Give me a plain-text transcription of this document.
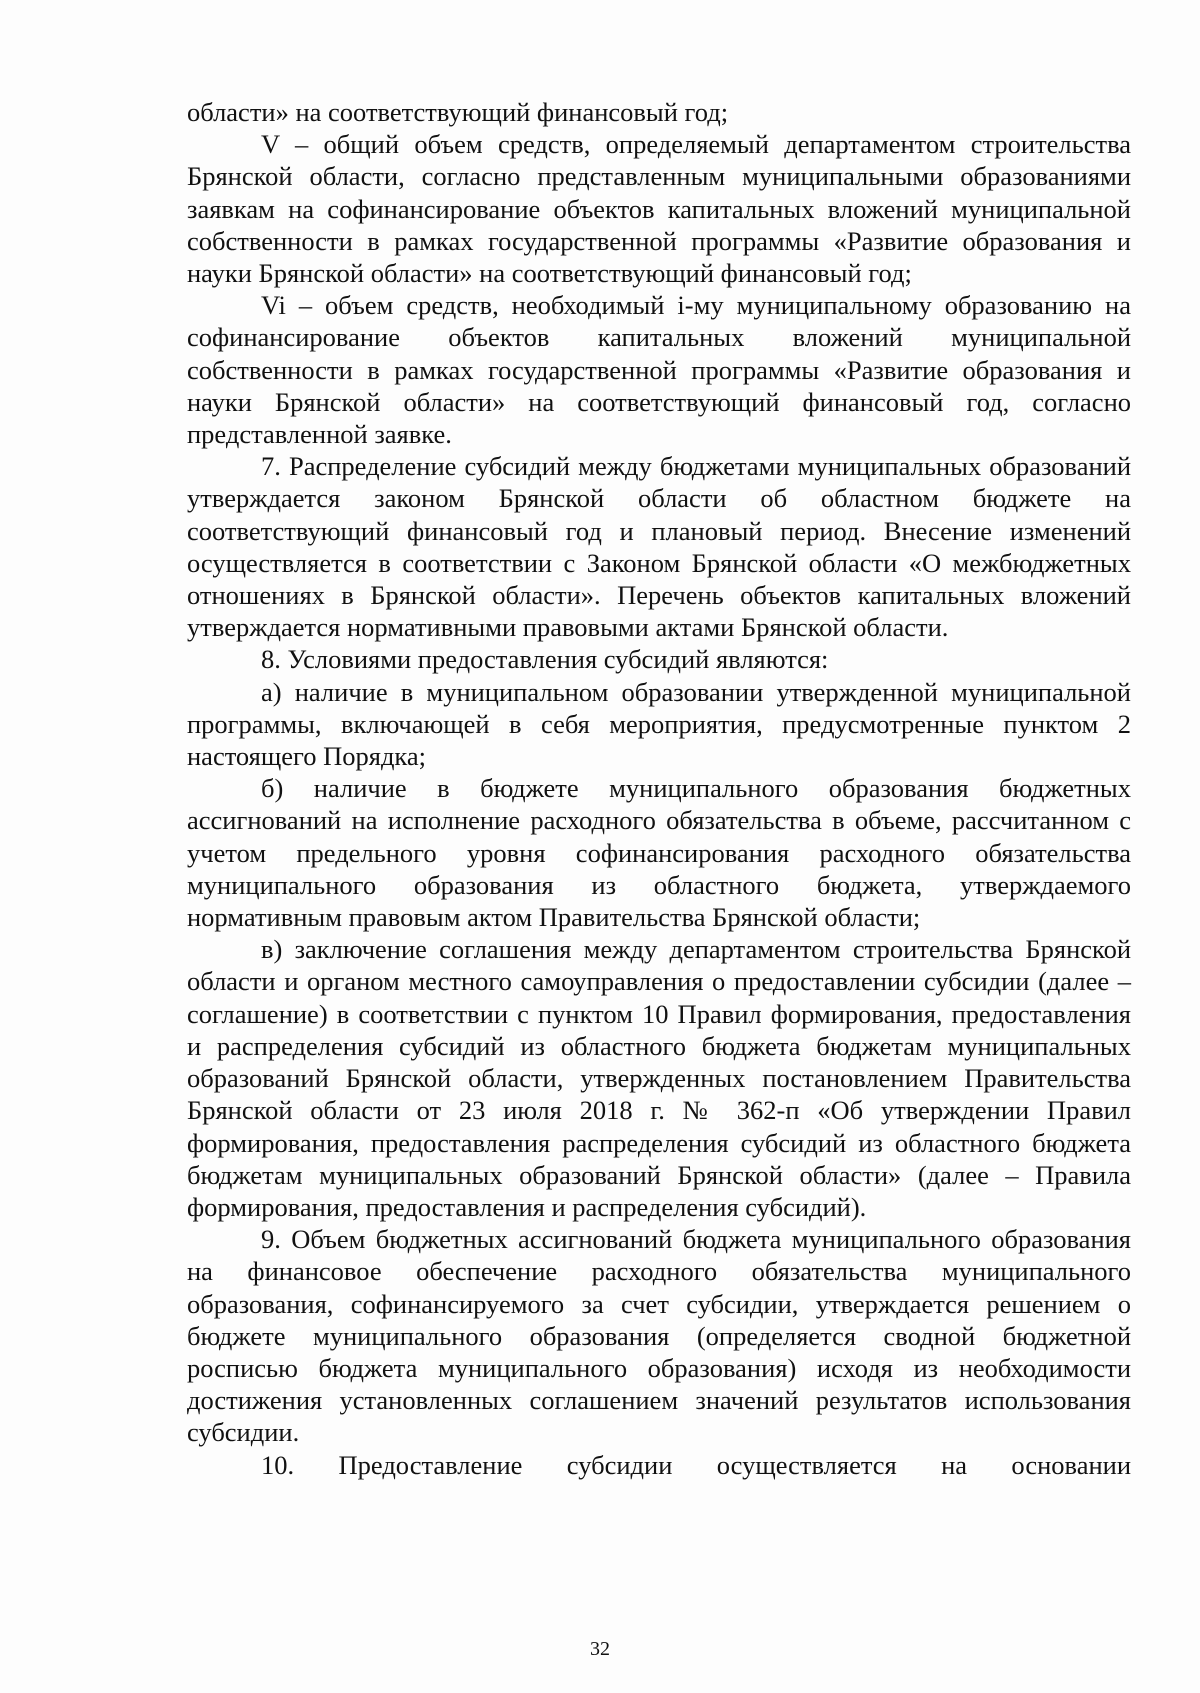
области» на соответствующий финансовый год;

V – общий объем средств, определяемый департаментом строительства Брянской области, согласно представленным муниципальными образованиями заявкам на софинансирование объектов капитальных вложений муниципальной собственности в рамках государственной программы «Развитие образования и науки Брянской области» на соответствующий финансовый год;

Vi – объем средств, необходимый i-му муниципальному образованию на софинансирование объектов капитальных вложений муниципальной собственности в рамках государственной программы «Развитие образования и науки Брянской области» на соответствующий финансовый год, согласно представленной заявке.

7. Распределение субсидий между бюджетами муниципальных образований утверждается законом Брянской области об областном бюджете на соответствующий финансовый год и плановый период. Внесение изменений осуществляется в соответствии с Законом Брянской области «О межбюджетных отношениях в Брянской области». Перечень объектов капитальных вложений утверждается нормативными правовыми актами Брянской области.

8. Условиями предоставления субсидий являются:

а) наличие в муниципальном образовании утвержденной муниципальной программы, включающей в себя мероприятия, предусмотренные пунктом 2 настоящего Порядка;

б) наличие в бюджете муниципального образования бюджетных ассигнований на исполнение расходного обязательства в объеме, рассчитанном с учетом предельного уровня софинансирования расходного обязательства муниципального образования из областного бюджета, утверждаемого нормативным правовым актом Правительства Брянской области;

в) заключение соглашения между департаментом строительства Брянской области и органом местного самоуправления о предоставлении субсидии (далее – соглашение) в соответствии с пунктом 10 Правил формирования, предоставления и распределения субсидий из областного бюджета бюджетам муниципальных образований Брянской области, утвержденных постановлением Правительства Брянской области от 23 июля 2018 г. № 362-п «Об утверждении Правил формирования, предоставления распределения субсидий из областного бюджета бюджетам муниципальных образований Брянской области» (далее – Правила формирования, предоставления и распределения субсидий).

9. Объем бюджетных ассигнований бюджета муниципального образования на финансовое обеспечение расходного обязательства муниципального образования, софинансируемого за счет субсидии, утверждается решением о бюджете муниципального образования (определяется сводной бюджетной росписью бюджета муниципального образования) исходя из необходимости достижения установленных соглашением значений результатов использования субсидии.

10. Предоставление субсидии осуществляется на основании

32
